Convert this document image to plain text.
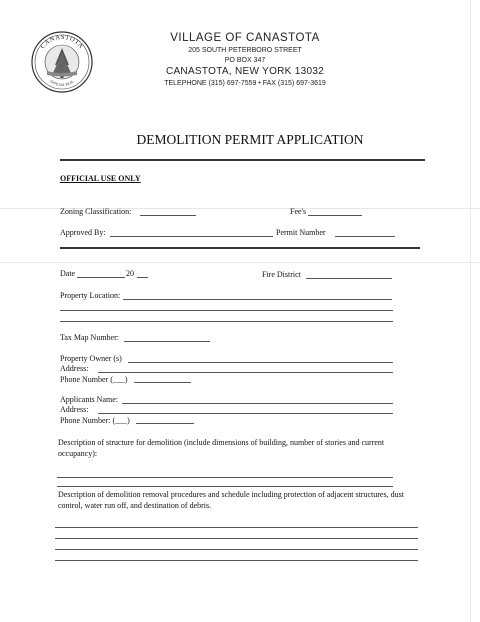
CANASTOTA
OFFICIAL SEAL
VILLAGE OF CANASTOTA
205 SOUTH PETERBORO STREET
PO BOX 347
CANASTOTA, NEW YORK 13032
TELEPHONE (315) 697-7559 • FAX (315) 697-3619
DEMOLITION PERMIT APPLICATION
OFFICIAL USE ONLY
Zoning Classification:	Fee's
Approved By:	Permit Number
Date	20	Fire District
Property Location:
Tax Map Number:
Property Owner (s)
Address:
Phone Number (___)
Applicants Name:
Address:
Phone Number: (___)
Description of structure for demolition (include dimensions of building, number of stories and current occupancy):
Description of demolition removal procedures and schedule including protection of adjacent structures, dust control, water run off, and destination of debris.
